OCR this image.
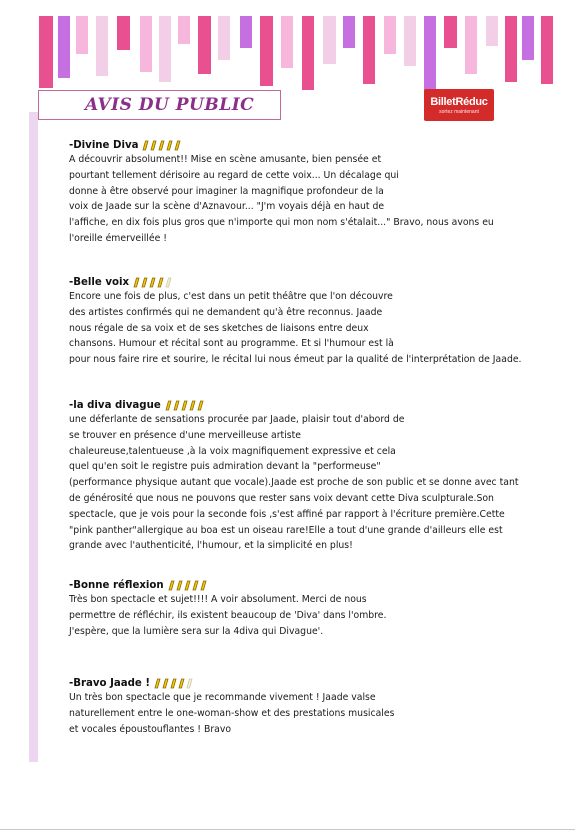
AVIS DU PUBLIC	BilletRéduc
sortez maintenant
-Divine Diva
A découvrir absolument!! Mise en scène amusante, bien pensée et
pourtant tellement dérisoire au regard de cette voix... Un décalage qui
donne à être observé pour imaginer la magnifique profondeur de la
voix de Jaade sur la scène d'Aznavour... "J'm voyais déjà en haut de
l'affiche, en dix fois plus gros que n'importe qui mon nom s'étalait..." Bravo, nous avons eu
l'oreille émerveillée !
-Belle voix
Encore une fois de plus, c'est dans un petit théâtre que l'on découvre
des artistes confirmés qui ne demandent qu'à être reconnus. Jaade
nous régale de sa voix et de ses sketches de liaisons entre deux
chansons. Humour et récital sont au programme. Et si l'humour est là
pour nous faire rire et sourire, le récital lui nous émeut par la qualité de l'interprétation de Jaade.
-la diva divague
une déferlante de sensations procurée par Jaade, plaisir tout d'abord de
se trouver en présence d'une merveilleuse artiste
chaleureuse,talentueuse ,à la voix magnifiquement expressive et cela
quel qu'en soit le registre puis admiration devant la "performeuse"
(performance physique autant que vocale).Jaade est proche de son public et se donne avec tant
de générosité que nous ne pouvons que rester sans voix devant cette Diva sculpturale.Son
spectacle, que je vois pour la seconde fois ,s'est affiné par rapport à l'écriture première.Cette
"pink panther"allergique au boa est un oiseau rare!Elle a tout d'une grande d'ailleurs elle est
grande avec l'authenticité, l'humour, et la simplicité en plus!
-Bonne réflexion
Très bon spectacle et sujet!!!! A voir absolument. Merci de nous
permettre de réfléchir, ils existent beaucoup de 'Diva' dans l'ombre.
J'espère, que la lumière sera sur la 4diva qui Divague'.
-Bravo Jaade !
Un très bon spectacle que je recommande vivement ! Jaade valse
naturellement entre le one-woman-show et des prestations musicales
et vocales époustouflantes ! Bravo
